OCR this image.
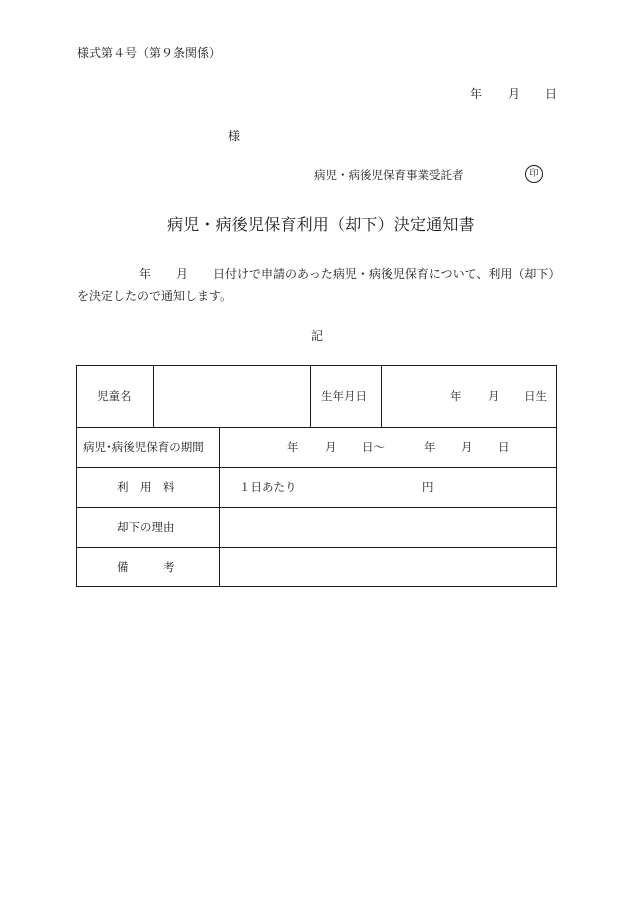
様式第４号（第９条関係）
年 月 日
様
病児・病後児保育事業受託者	印
病児・病後児保育利用（却下）決定通知書
年 月 日付けで申請のあった病児・病後児保育について、利用（却下）
を決定したので通知します。
記
児童名	生年月日	年 月 日生
病児･病後児保育の期間	年 月 日～	年 月 日
利　用　料	１日あたり	円
却下の理由
備　　　考
